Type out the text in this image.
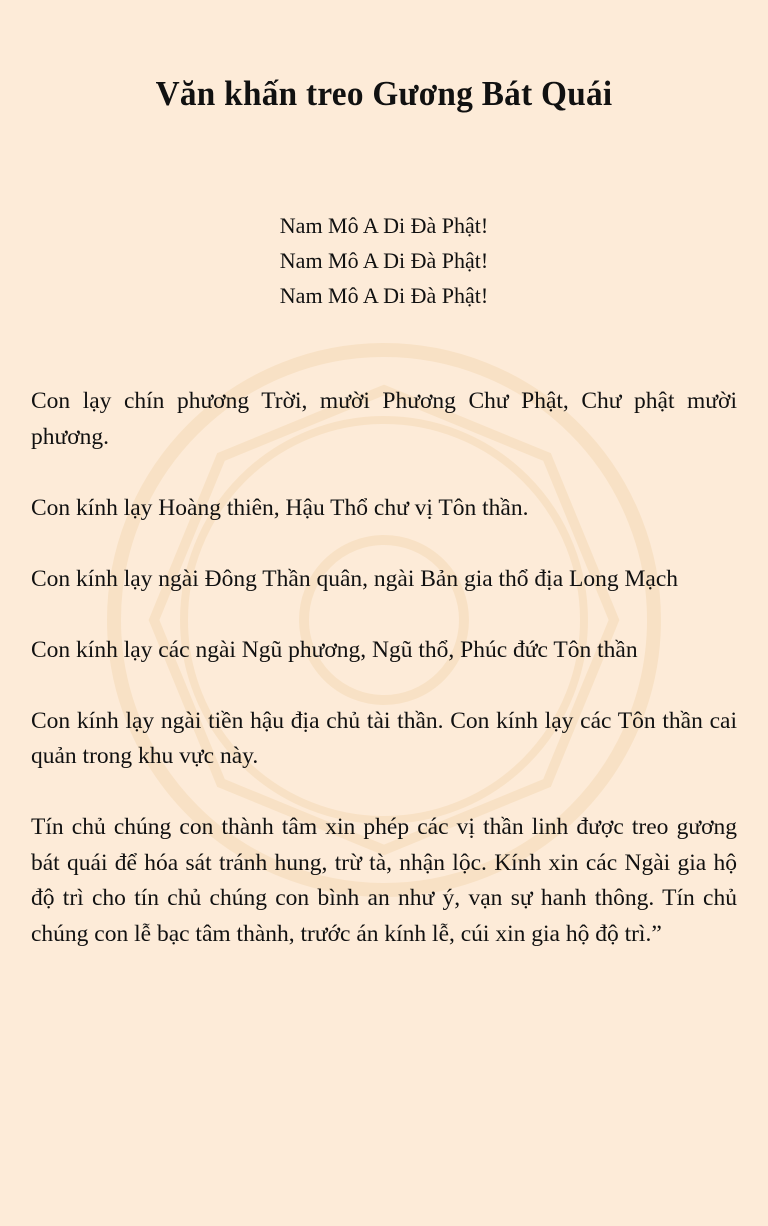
Văn khấn treo Gương Bát Quái
Nam Mô A Di Đà Phật!
Nam Mô A Di Đà Phật!
Nam Mô A Di Đà Phật!

Con lạy chín phương Trời, mười Phương Chư Phật, Chư phật mười phương.

Con kính lạy Hoàng thiên, Hậu Thổ chư vị Tôn thần.

Con kính lạy ngài Đông Thần quân, ngài Bản gia thổ địa Long Mạch

Con kính lạy các ngài Ngũ phương, Ngũ thổ, Phúc đức Tôn thần

Con kính lạy ngài tiền hậu địa chủ tài thần. Con kính lạy các Tôn thần cai quản trong khu vực này.

Tín chủ chúng con thành tâm xin phép các vị thần linh được treo gương bát quái để hóa sát tránh hung, trừ tà, nhận lộc. Kính xin các Ngài gia hộ độ trì cho tín chủ chúng con bình an như ý, vạn sự hanh thông. Tín chủ chúng con lễ bạc tâm thành, trước án kính lễ, cúi xin gia hộ độ trì.”
